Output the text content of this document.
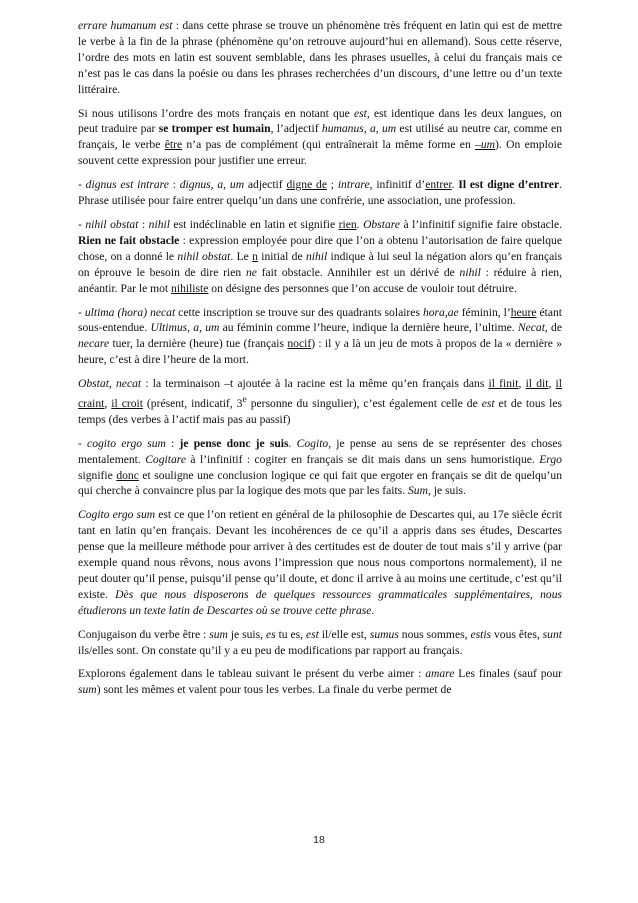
errare humanum est : dans cette phrase se trouve un phénomène très fréquent en latin qui est de mettre le verbe à la fin de la phrase (phénomène qu’on retrouve aujourd’hui en allemand). Sous cette réserve, l’ordre des mots en latin est souvent semblable, dans les phrases usuelles, à celui du français mais ce n’est pas le cas dans la poésie ou dans les phrases recherchées d’un discours, d’une lettre ou d’un texte littéraire.

Si nous utilisons l’ordre des mots français en notant que est, est identique dans les deux langues, on peut traduire par se tromper est humain, l’adjectif humanus, a, um est utilisé au neutre car, comme en français, le verbe être n’a pas de complément (qui entraînerait la même forme en –um). On emploie souvent cette expression pour justifier une erreur.

- dignus est intrare : dignus, a, um adjectif digne de ; intrare, infinitif d’entrer. Il est digne d’entrer. Phrase utilisée pour faire entrer quelqu’un dans une confrérie, une association, une profession.

- nihil obstat : nihil est indéclinable en latin et signifie rien. Obstare à l’infinitif signifie faire obstacle. Rien ne fait obstacle : expression employée pour dire que l’on a obtenu l’autorisation de faire quelque chose, on a donné le nihil obstat. Le n initial de nihil indique à lui seul la négation alors qu’en français on éprouve le besoin de dire rien ne fait obstacle. Annihiler est un dérivé de nihil : réduire à rien, anéantir. Par le mot nihiliste on désigne des personnes que l’on accuse de vouloir tout détruire.

- ultima (hora) necat cette inscription se trouve sur des quadrants solaires hora,ae féminin, l’heure étant sous-entendue. Ultimus, a, um au féminin comme l’heure, indique la dernière heure, l’ultime. Necat, de necare tuer, la dernière (heure) tue (français nocif) : il y a là un jeu de mots à propos de la « dernière » heure, c’est à dire l’heure de la mort.

Obstat, necat : la terminaison –t ajoutée à la racine est la même qu’en français dans il finit, il dit, il craint, il croit (présent, indicatif, 3e personne du singulier), c’est également celle de est et de tous les temps (des verbes à l’actif mais pas au passif)

- cogito ergo sum : je pense donc je suis. Cogito, je pense au sens de se représenter des choses mentalement. Cogitare à l’infinitif : cogiter en français se dit mais dans un sens humoristique. Ergo signifie donc et souligne une conclusion logique ce qui fait que ergoter en français se dit de quelqu’un qui cherche à convaincre plus par la logique des mots que par les faits. Sum, je suis.

Cogito ergo sum est ce que l’on retient en général de la philosophie de Descartes qui, au 17e siècle écrit tant en latin qu’en français. Devant les incohérences de ce qu’il a appris dans ses études, Descartes pense que la meilleure méthode pour arriver à des certitudes est de douter de tout mais s’il y arrive (par exemple quand nous rêvons, nous avons l’impression que nous nous comportons normalement), il ne peut douter qu’il pense, puisqu’il pense qu’il doute, et donc il arrive à au moins une certitude, c’est qu’il existe. Dès que nous disposerons de quelques ressources grammaticales supplémentaires, nous étudierons un texte latin de Descartes où se trouve cette phrase.

Conjugaison du verbe être : sum je suis, es tu es, est il/elle est, sumus nous sommes, estis vous êtes, sunt ils/elles sont. On constate qu’il y a eu peu de modifications par rapport au français.

Explorons également dans le tableau suivant le présent du verbe aimer : amare Les finales (sauf pour sum) sont les mêmes et valent pour tous les verbes. La finale du verbe permet de

18
